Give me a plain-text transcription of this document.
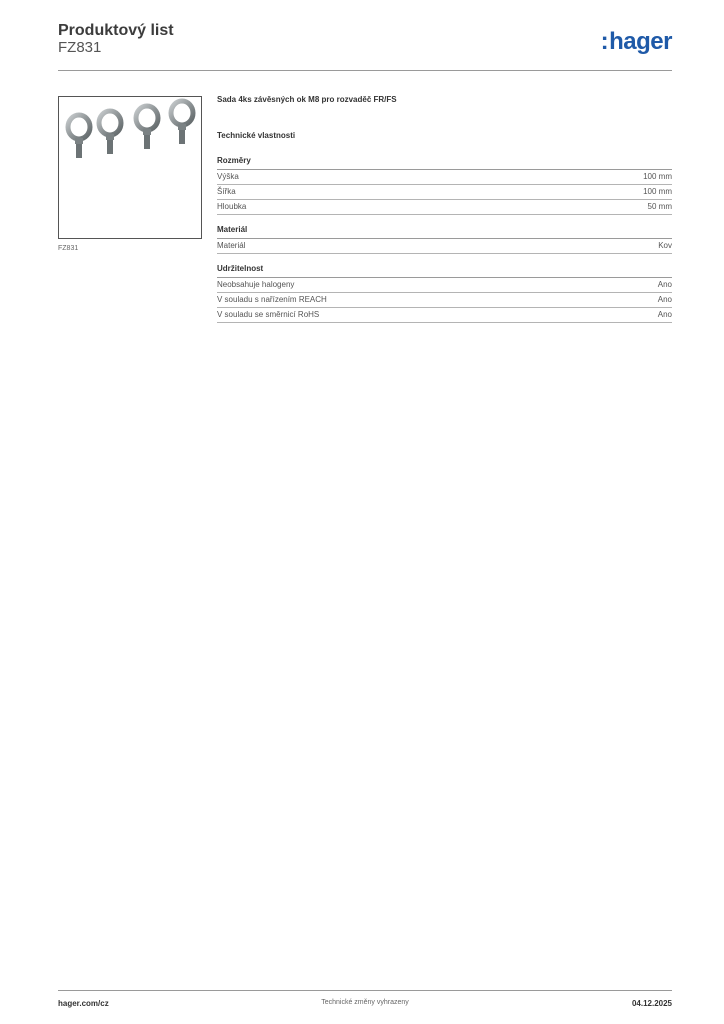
Produktový list
FZ831	:hager
FZ831
Sada 4ks závěsných ok M8 pro rozvaděč FR/FS
Technické vlastnosti
Rozměry
Výška	100 mm
Šířka	100 mm
Hloubka	50 mm
Materiál
Materiál	Kov
Udržitelnost
Neobsahuje halogeny	Ano
V souladu s nařízením REACH	Ano
V souladu se směrnicí RoHS	Ano
hager.com/cz	Technické změny vyhrazeny	04.12.2025
